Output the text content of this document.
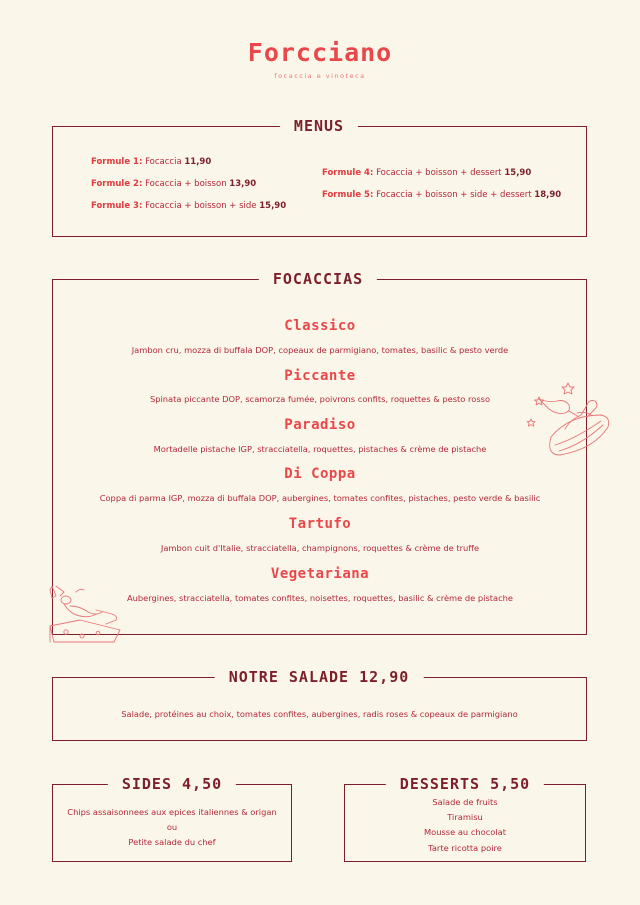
Forcciano
focaccia e vinoteca
MENUS
Formule 1: Focaccia 11,90
Formule 2: Focaccia + boisson 13,90
Formule 3: Focaccia + boisson + side 15,90
Formule 4: Focaccia + boisson + dessert 15,90
Formule 5: Focaccia + boisson + side + dessert 18,90
FOCACCIAS
Classico
Jambon cru, mozza di buffala DOP, copeaux de parmigiano, tomates, basilic & pesto verde
Piccante
Spinata piccante DOP, scamorza fumée, poivrons confits, roquettes & pesto rosso
Paradiso
Mortadelle pistache IGP, stracciatella, roquettes, pistaches & crème de pistache
Di Coppa
Coppa di parma IGP, mozza di buffala DOP, aubergines, tomates confites, pistaches, pesto verde & basilic
Tartufo
Jambon cuit d'Italie, stracciatella, champignons, roquettes & crème de truffe
Vegetariana
Aubergines, stracciatella, tomates confites, noisettes, roquettes, basilic & crème de pistache
NOTRE SALADE 12,90
Salade, protéines au choix, tomates confites, aubergines, radis roses & copeaux de parmigiano
SIDES 4,50
Chips assaisonnees aux epices italiennes & origan
ou
Petite salade du chef
DESSERTS 5,50
Salade de fruits
Tiramisu
Mousse au chocolat
Tarte ricotta poire
